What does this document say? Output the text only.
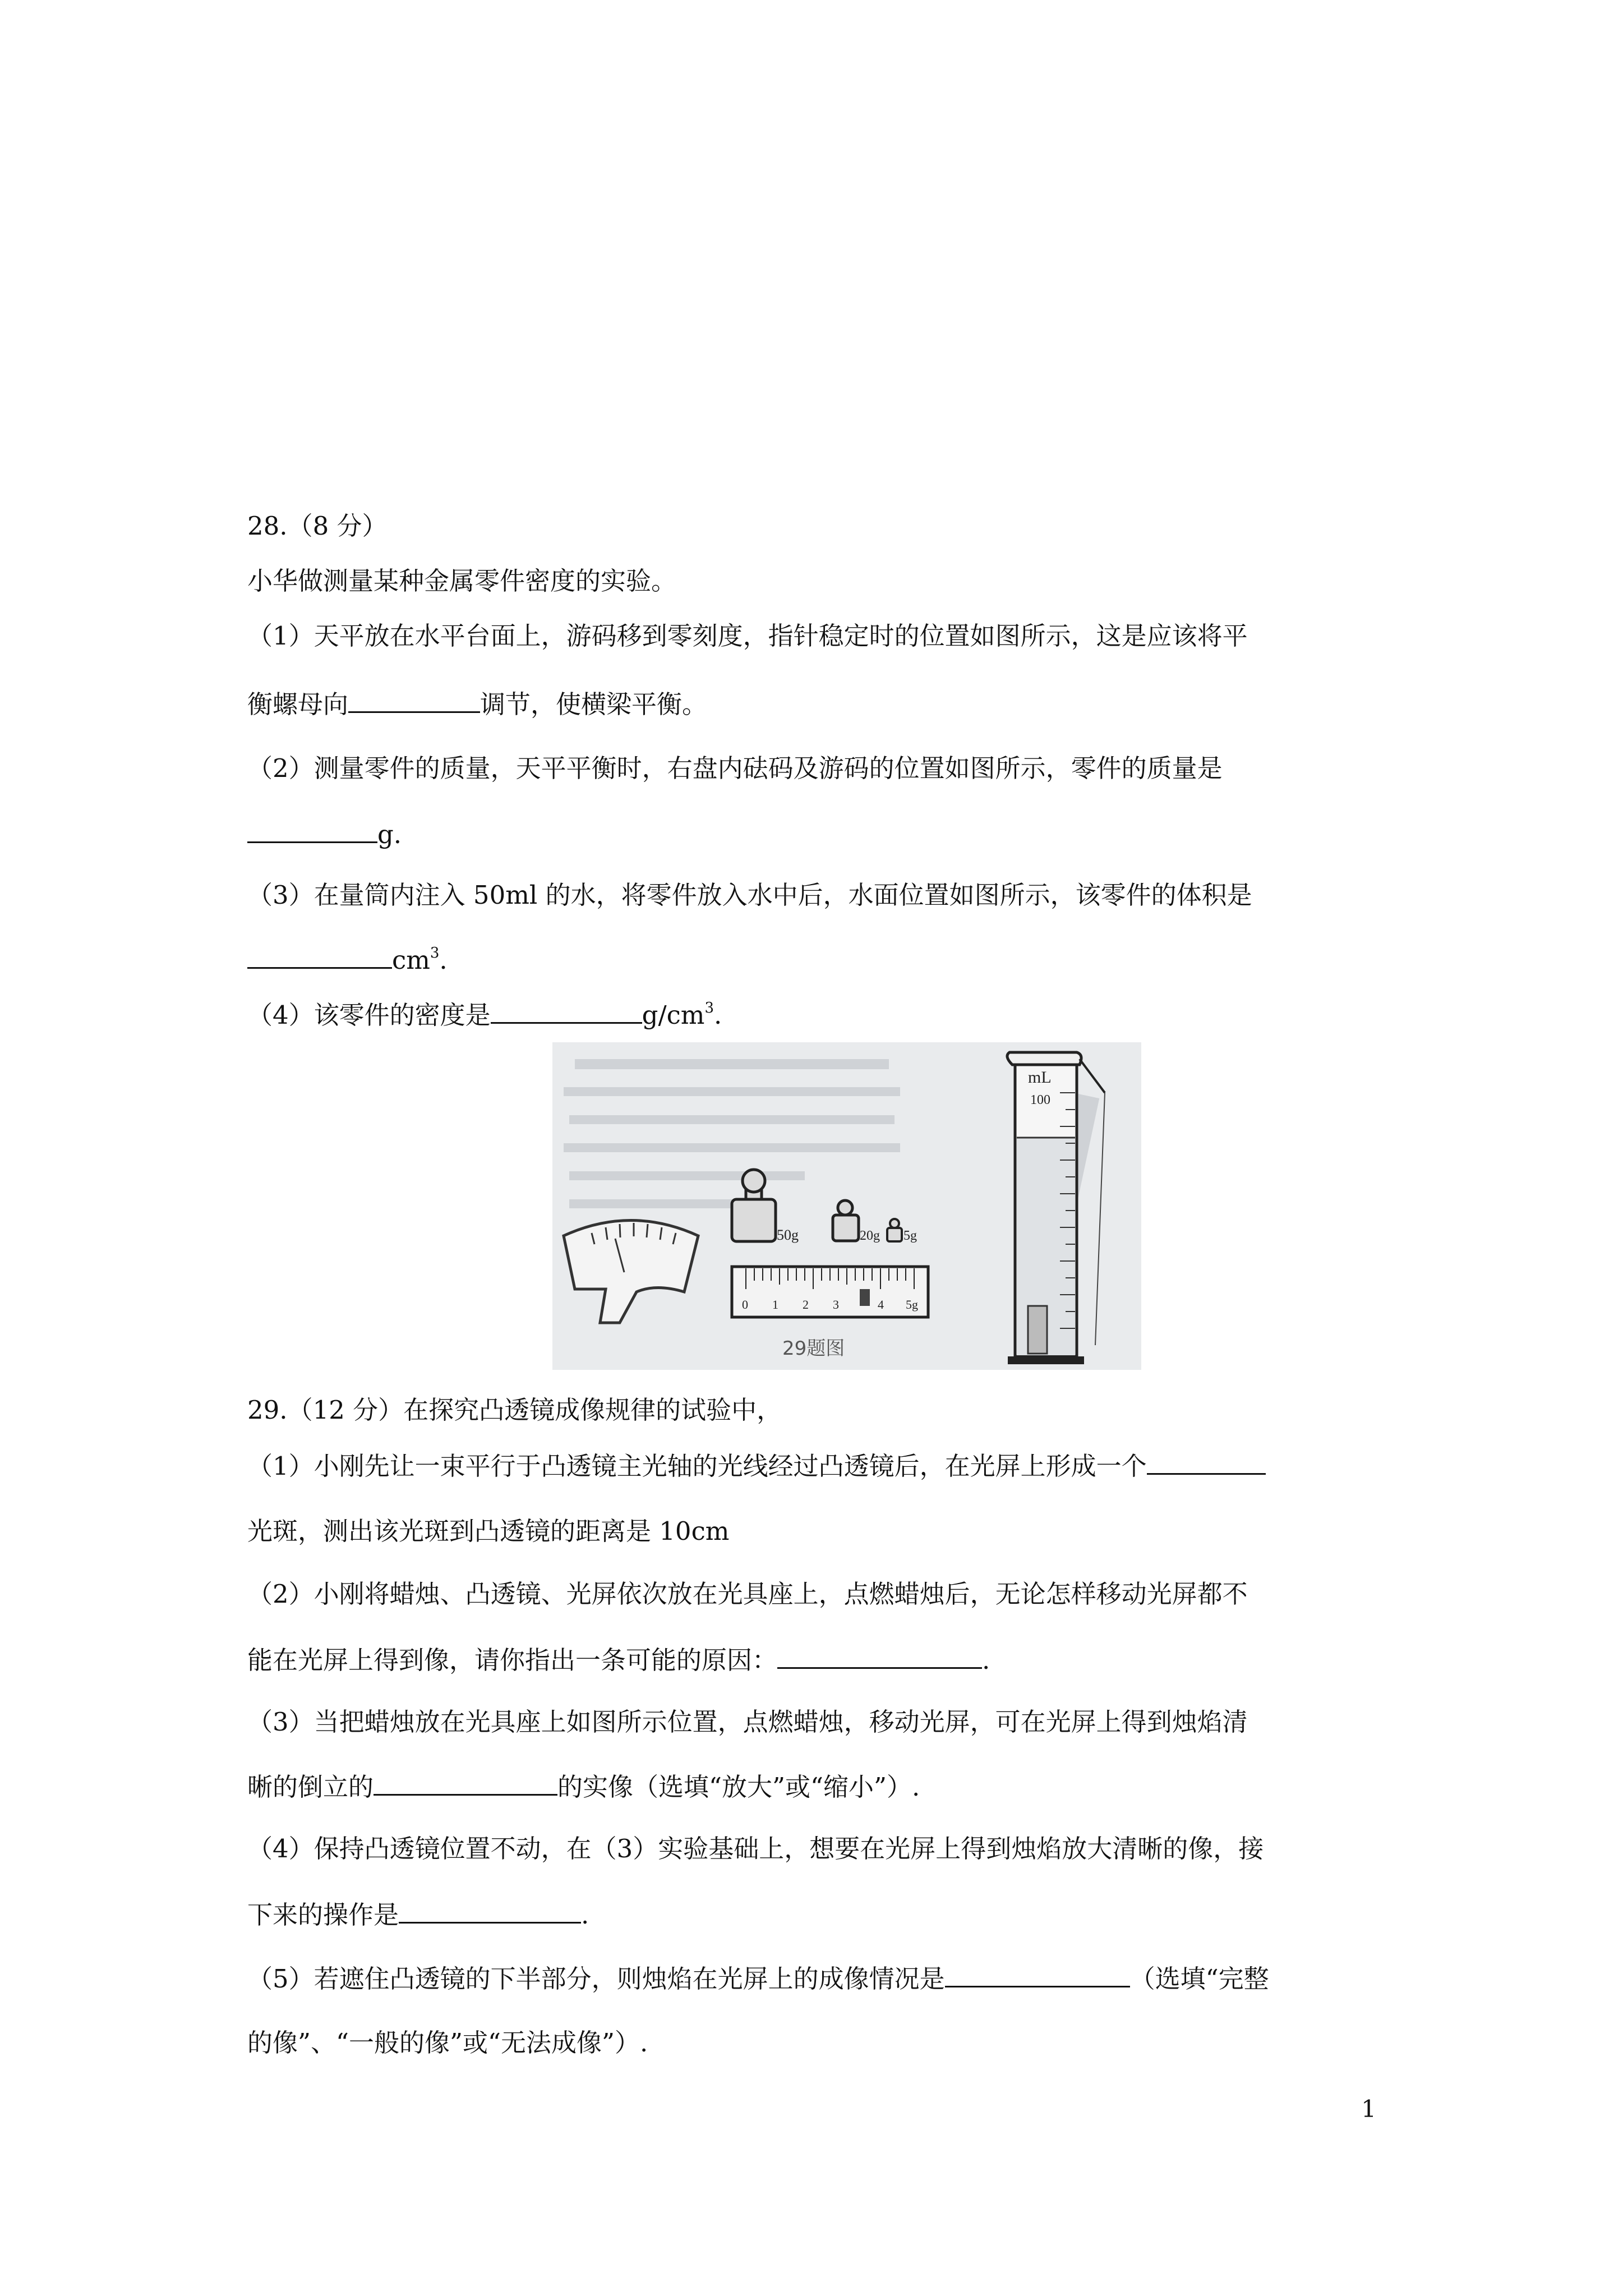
28.（8 分）
小华做测量某种金属零件密度的实验。
（1）天平放在水平台面上，游码移到零刻度，指针稳定时的位置如图所示，这是应该将平
衡螺母向	调节，使横梁平衡。
（2）测量零件的质量，天平平衡时，右盘内砝码及游码的位置如图所示，零件的质量是
g.
（3）在量筒内注入 50ml 的水，将零件放入水中后，水面位置如图所示，该零件的体积是
$cm^3$.
（4）该零件的密度是	$g/cm^3$.
50g	20g 5g
0 1 2 3	4 5g
29题图
mL
100
29.（12 分）在探究凸透镜成像规律的试验中，
（1）小刚先让一束平行于凸透镜主光轴的光线经过凸透镜后，在光屏上形成一个
光斑，测出该光斑到凸透镜的距离是 10cm
（2）小刚将蜡烛、凸透镜、光屏依次放在光具座上，点燃蜡烛后，无论怎样移动光屏都不
能在光屏上得到像，请你指出一条可能的原因：	.
（3）当把蜡烛放在光具座上如图所示位置，点燃蜡烛，移动光屏，可在光屏上得到烛焰清
晰的倒立的	的实像（选填“放大”或“缩小”）.
（4）保持凸透镜位置不动，在（3）实验基础上，想要在光屏上得到烛焰放大清晰的像，接
下来的操作是	.
（5）若遮住凸透镜的下半部分，则烛焰在光屏上的成像情况是	（选填“完整
的像”、“一般的像”或“无法成像”）.
1
